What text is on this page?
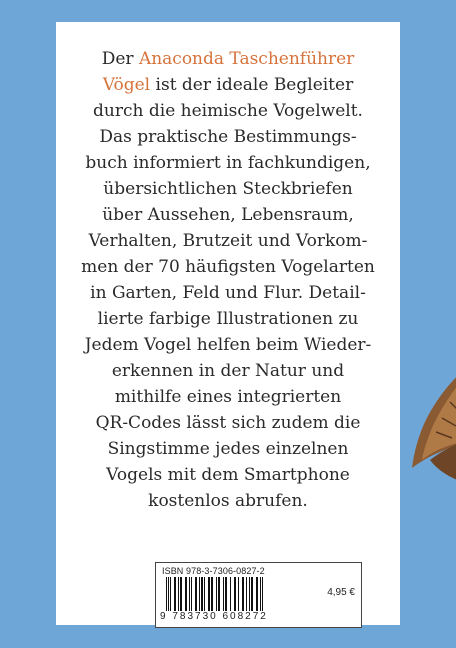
Der Anaconda Taschenführer
Vögel ist der ideale Begleiter
durch die heimische Vogelwelt.
Das praktische Bestimmungs-
buch informiert in fachkundigen,
übersichtlichen Steckbriefen
über Aussehen, Lebensraum,
Verhalten, Brutzeit und Vorkom-
men der 70 häufigsten Vogelarten
in Garten, Feld und Flur. Detail-
lierte farbige Illustrationen zu
Jedem Vogel helfen beim Wieder-
erkennen in der Natur und
mithilfe eines integrierten
QR-Codes lässt sich zudem die
Singstimme jedes einzelnen
Vogels mit dem Smartphone
kostenlos abrufen.

ISBN 978-3-7306-0827-2
9 783730 608272
4,95 €
